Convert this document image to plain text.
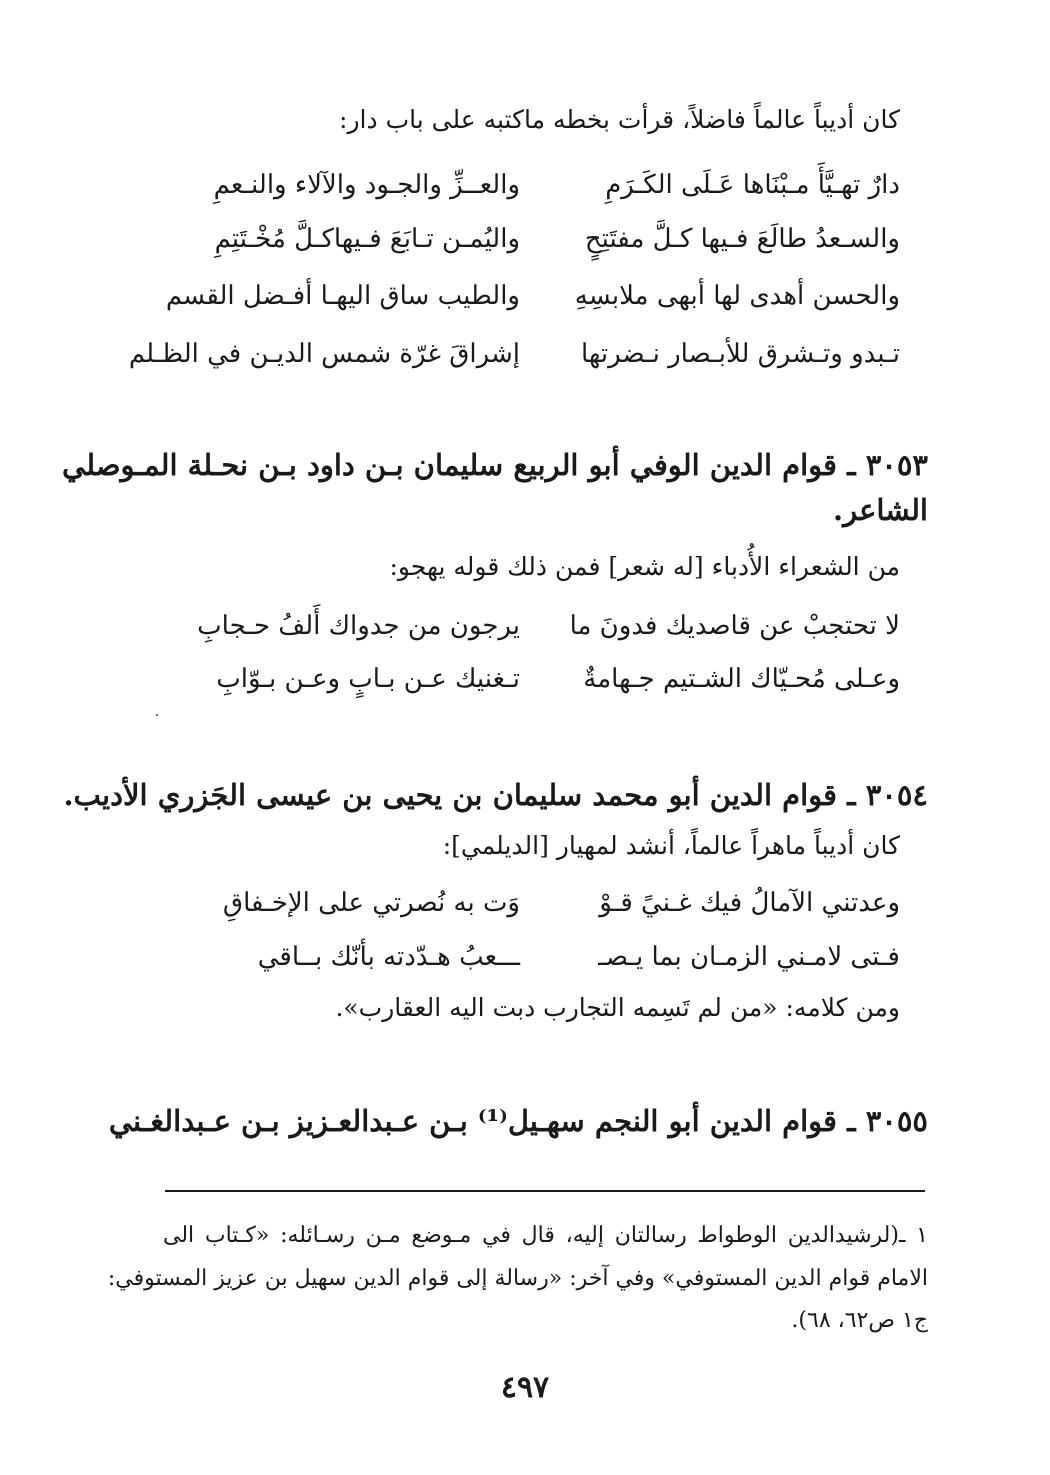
كان أديباً عالماً فاضلاً، قرأت بخطه ماكتبه على باب دار:
دارٌ تهـيَّأَ مـبْنَاها عَـلَى الكَـرَمِ
والعــزِّ والجـود والآلاء والنـعمِ
والسـعدُ طالَعَ فـيها كـلَّ مفتَتِحٍ
واليُمـن تـابَعَ فـيهاكـلَّ مُخْـتَتِمِ
والحسن أهدى لها أبهى ملابسِهِ
والطيب ساق اليهـا أفـضل القسم
تـبدو وتـشرق للأبـصار نـضرتها
إشراقَ غرّة شمس الديـن في الظـلم
٣٠٥٣ ـ قوام الدين الوفي أبو الربيع سليمان بـن داود بـن نحـلة المـوصلي
الشاعر.
من الشعراء الأُدباء [له شعر] فمن ذلك قوله يهجو:
لا تحتجبْ عن قاصديك فدونَ ما
يرجون من جدواك أَلفُ حـجابِ
وعـلى مُحـيّاك الشـتيم جـهامةٌ
تـغنيك عـن بـابٍ وعـن بـوّابِ
٣٠٥٤ ـ قوام الدين أبو محمد سليمان بن يحيى بن عيسى الجَزري الأديب.
كان أديباً ماهراً عالماً، أنشد لمهيار [الديلمي]:
وعدتني الآمالُ فيك غـنيً قـوْ
وَت به نُصرتي على الإخـفاقِ
فـتى لامـني الزمـان بما يـصـ
ـــعبُ هـدّدته بأنّك بــاقي
ومن كلامه: «من لم تَسِمه التجارب دبت اليه العقارب».
٣٠٥٥ ـ قوام الدين أبو النجم سهـيل⁽¹⁾ بـن عـبدالعـزيز بـن عـبدالغـني
١ ـ(لرشيدالدين الوطواط رسالتان إليه، قال في مـوضع مـن رسـائله: «كـتاب الى
الامام قوام الدين المستوفي» وفي آخر: «رسالة إلى قوام الدين سهيل بن عزيز المستوفي:
ج١ ص٦٢، ٦٨).
٤٩٧
